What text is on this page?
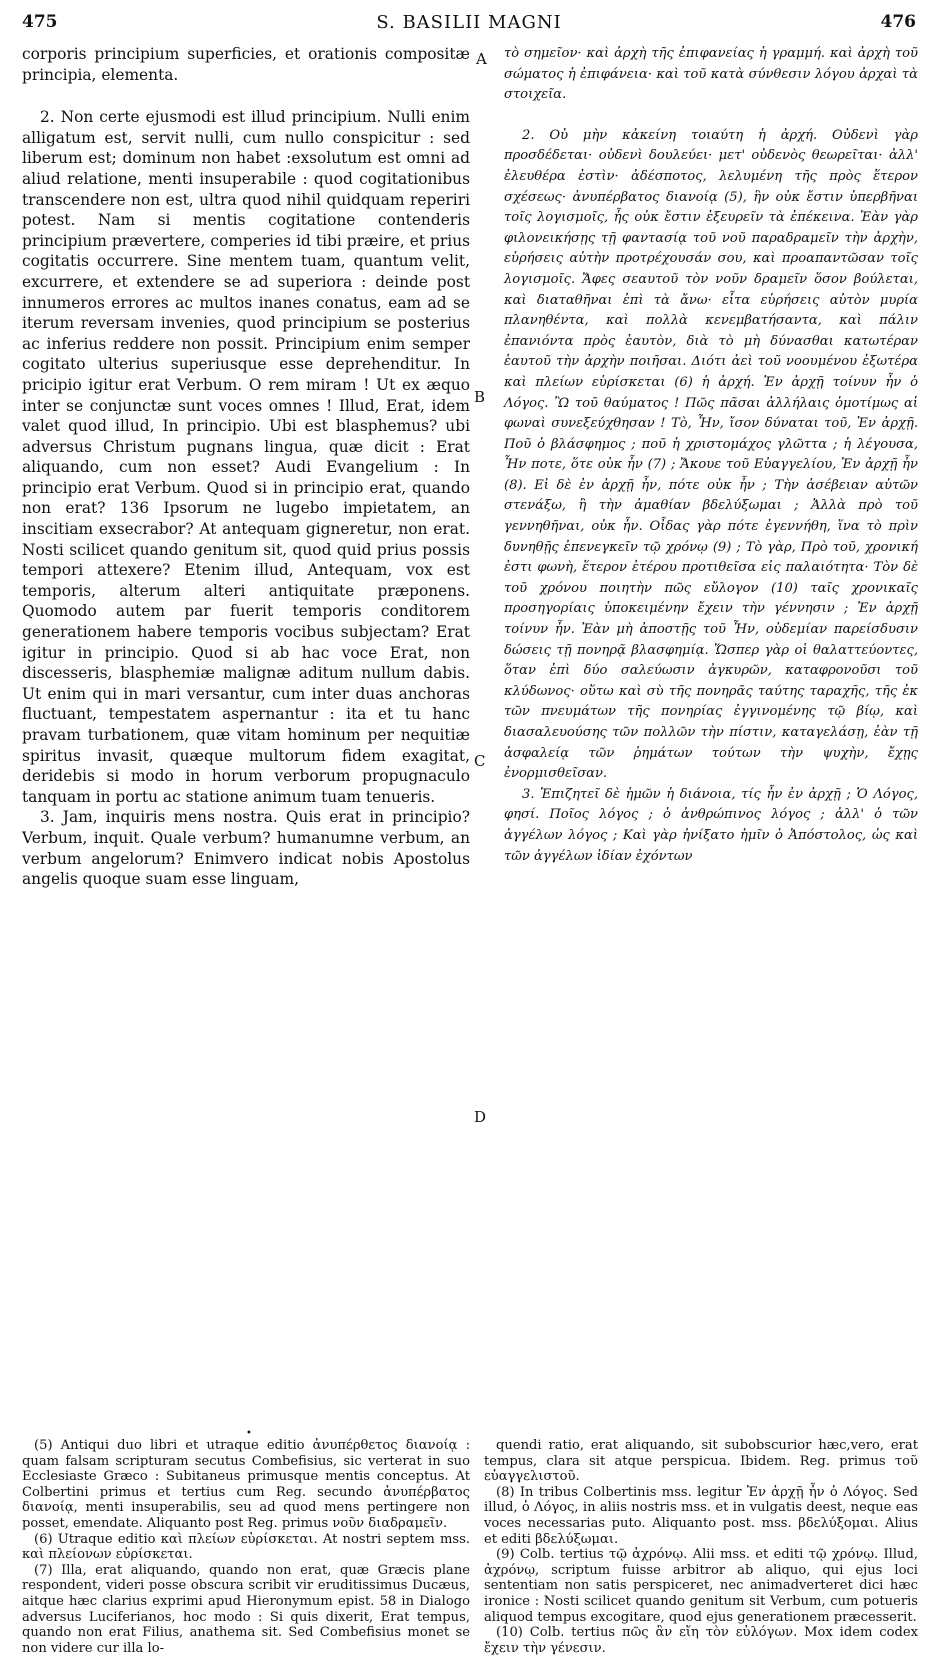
475	S. BASILII MAGNI	476

corporis principium superficies, et orationis compositæ principia, elementa.

2. Non certe ejusmodi est illud principium. Nulli enim alligatum est, servit nulli, cum nullo conspicitur : sed liberum est; dominum non habet :exsolutum est omni ad aliud relatione, menti insuperabile : quod cogitationibus transcendere non est, ultra quod nihil quidquam reperiri potest. Nam si mentis cogitatione contenderis principium prævertere, comperies id tibi præire, et prius cogitatis occurrere. Sine mentem tuam, quantum velit, excurrere, et extendere se ad superiora : deinde post innumeros errores ac multos inanes conatus, eam ad se iterum reversam invenies, quod principium se posterius ac inferius reddere non possit. Principium enim semper cogitato ulterius superiusque esse deprehenditur. In pricipio igitur erat Verbum. O rem miram ! Ut ex æquo inter se conjunctæ sunt voces omnes ! Illud, Erat, idem valet quod illud, In principio. Ubi est blasphemus? ubi adversus Christum pugnans lingua, quæ dicit : Erat aliquando, cum non esset? Audi Evangelium : In principio erat Verbum. Quod si in principio erat, quando non erat? 136 Ipsorum ne lugebo impietatem, an inscitiam exsecrabor? At antequam gigneretur, non erat. Nosti scilicet quando genitum sit, quod quid prius possis tempori attexere? Etenim illud, Antequam, vox est temporis, alterum alteri antiquitate præponens. Quomodo autem par fuerit temporis conditorem generationem habere temporis vocibus subjectam? Erat igitur in principio. Quod si ab hac voce Erat, non discesseris, blasphemiæ malignæ aditum nullum dabis. Ut enim qui in mari versantur, cum inter duas anchoras fluctuant, tempestatem aspernantur : ita et tu hanc pravam turbationem, quæ vitam hominum per nequitiæ spiritus invasit, quæque multorum fidem exagitat, deridebis si modo in horum verborum propugnaculo tanquam in portu ac statione animum tuam tenueris.

3. Jam, inquiris mens nostra. Quis erat in principio? Verbum, inquit. Quale verbum? humanumne verbum, an verbum angelorum? Enimvero indicat nobis Apostolus angelis quoque suam esse linguam,

A
B
C
D

τὸ σημεῖον· καὶ ἀρχὴ τῆς ἐπιφανείας ἡ γραμμή. καὶ ἀρχὴ τοῦ σώματος ἡ ἐπιφάνεια· καὶ τοῦ κατὰ σύνθεσιν λόγου ἀρχαὶ τὰ στοιχεῖα.

2. Οὐ μὴν κἀκείνη τοιαύτη ἡ ἀρχή. Οὐδενὶ γὰρ προσδέδεται· οὐδενὶ δουλεύει· μετ' οὐδενὸς θεωρεῖται· ἀλλ' ἐλευθέρα ἐστὶν· ἀδέσποτος, λελυμένη τῆς πρὸς ἕτερον σχέσεως· ἀνυπέρβατος διανοίᾳ (5), ἣν οὐκ ἔστιν ὑπερβῆναι τοῖς λογισμοῖς, ἧς οὐκ ἔστιν ἐξευρεῖν τὰ ἐπέκεινα. Ἐὰν γὰρ φιλονεικήσῃς τῇ φαντασίᾳ τοῦ νοῦ παραδραμεῖν τὴν ἀρχὴν, εὑρήσεις αὐτὴν προτρέχουσάν σου, καὶ προαπαντῶσαν τοῖς λογισμοῖς. Ἄφες σεαυτοῦ τὸν νοῦν δραμεῖν ὅσον βούλεται, καὶ διαταθῆναι ἐπὶ τὰ ἄνω· εἶτα εὑρήσεις αὐτὸν μυρία πλανηθέντα, καὶ πολλὰ κενεμβατήσαντα, καὶ πάλιν ἐπανιόντα πρὸς ἑαυτὸν, διὰ τὸ μὴ δύνασθαι κατωτέραν ἑαυτοῦ τὴν ἀρχὴν ποιῆσαι. Διότι ἀεὶ τοῦ νοουμένου ἐξωτέρα καὶ πλείων εὑρίσκεται (6) ἡ ἀρχή. Ἐν ἀρχῇ τοίνυν ἦν ὁ Λόγος. Ὢ τοῦ θαύματος ! Πῶς πᾶσαι ἀλλήλαις ὁμοτίμως αἱ φωναὶ συνεξεύχθησαν ! Τὸ, Ἦν, ἴσον δύναται τοῦ, Ἐν ἀρχῇ. Ποῦ ὁ βλάσφημος ; ποῦ ἡ χριστομάχος γλῶττα ; ἡ λέγουσα, Ἦν ποτε, ὅτε οὐκ ἦν (7) ; Ἄκουε τοῦ Εὐαγγελίου, Ἐν ἀρχῇ ἦν (8). Εἰ δὲ ἐν ἀρχῇ ἦν, πότε οὐκ ἦν ; Τὴν ἀσέβειαν αὐτῶν στενάξω, ἢ τὴν ἀμαθίαν βδελύξωμαι ; Ἀλλὰ πρὸ τοῦ γεννηθῆναι, οὐκ ἦν. Οἶδας γὰρ πότε ἐγεννήθη, ἵνα τὸ πρὶν δυνηθῇς ἐπενεγκεῖν τῷ χρόνῳ (9) ; Τὸ γὰρ, Πρὸ τοῦ, χρονική ἐστι φωνὴ, ἕτερον ἑτέρου προτιθεῖσα εἰς παλαιότητα· Τὸν δὲ τοῦ χρόνου ποιητὴν πῶς εὔλογον (10) ταῖς χρονικαῖς προσηγορίαις ὑποκειμένην ἔχειν τὴν γέννησιν ; Ἐν ἀρχῇ τοίνυν ἦν. Ἐὰν μὴ ἀποστῇς τοῦ Ἦν, οὐδεμίαν παρείσδυσιν δώσεις τῇ πονηρᾷ βλασφημίᾳ. Ὥσπερ γὰρ οἱ θαλαττεύοντες, ὅταν ἐπὶ δύο σαλεύωσιν ἀγκυρῶν, καταφρονοῦσι τοῦ κλύδωνος· οὕτω καὶ σὺ τῆς πονηρᾶς ταύτης ταραχῆς, τῆς ἐκ τῶν πνευμάτων τῆς πονηρίας ἐγγινομένης τῷ βίῳ, καὶ διασαλευούσης τῶν πολλῶν τὴν πίστιν, καταγελάσῃ, ἐὰν τῇ ἀσφαλείᾳ τῶν ῥημάτων τούτων τὴν ψυχὴν, ἔχῃς ἐνορμισθεῖσαν.

3. Ἐπιζητεῖ δὲ ἡμῶν ἡ διάνοια, τίς ἦν ἐν ἀρχῇ ; Ὁ Λόγος, φησί. Ποῖος λόγος ; ὁ ἀνθρώπινος λόγος ; ἀλλ' ὁ τῶν ἀγγέλων λόγος ; Καὶ γὰρ ἠνίξατο ἡμῖν ὁ Ἀπόστολος, ὡς καὶ τῶν ἀγγέλων ἰδίαν ἐχόντων

•

(5) Antiqui duo libri et utraque editio ἀνυπέρθετος διανοίᾳ : quam falsam scripturam secutus Combefisius, sic verterat in suo Ecclesiaste Græco : Subitaneus primusque mentis conceptus. At Colbertini primus et tertius cum Reg. secundo ἀνυπέρβατος διανοίᾳ, menti insuperabilis, seu ad quod mens pertingere non posset, emendate. Aliquanto post Reg. primus νοῦν διαδραμεῖν.

(6) Utraque editio καὶ πλείων εὑρίσκεται. At nostri septem mss. καὶ πλείονων εὑρίσκεται.

(7) Illa, erat aliquando, quando non erat, quæ Græcis plane respondent, videri posse obscura scribit vir eruditissimus Ducæus, aitque hæc clarius exprimi apud Hieronymum epist. 58 in Dialogo adversus Luciferianos, hoc modo : Si quis dixerit, Erat tempus, quando non erat Filius, anathema sit. Sed Combefisius monet se non videre cur illa lo-

quendi ratio, erat aliquando, sit subobscurior hæc,vero, erat tempus, clara sit atque perspicua. Ibidem. Reg. primus τοῦ εὐαγγελιστοῦ.

(8) In tribus Colbertinis mss. legitur Ἐν ἀρχῇ ἦν ὁ Λόγος. Sed illud, ὁ Λόγος, in aliis nostris mss. et in vulgatis deest, neque eas voces necessarias puto. Aliquanto post. mss. βδελύξομαι. Alius et editi βδελύξωμαι.

(9) Colb. tertius τῷ ἀχρόνῳ. Alii mss. et editi τῷ χρόνῳ. Illud, ἀχρόνῳ, scriptum fuisse arbitror ab aliquo, qui ejus loci sententiam non satis perspiceret, nec animadverteret dici hæc ironice : Nosti scilicet quando genitum sit Verbum, cum potueris aliquod tempus excogitare, quod ejus generationem præcesserit.

(10) Colb. tertius πῶς ἂν εἴη τὸν εὐλόγων. Mox idem codex ἔχειν τὴν γένεσιν.
